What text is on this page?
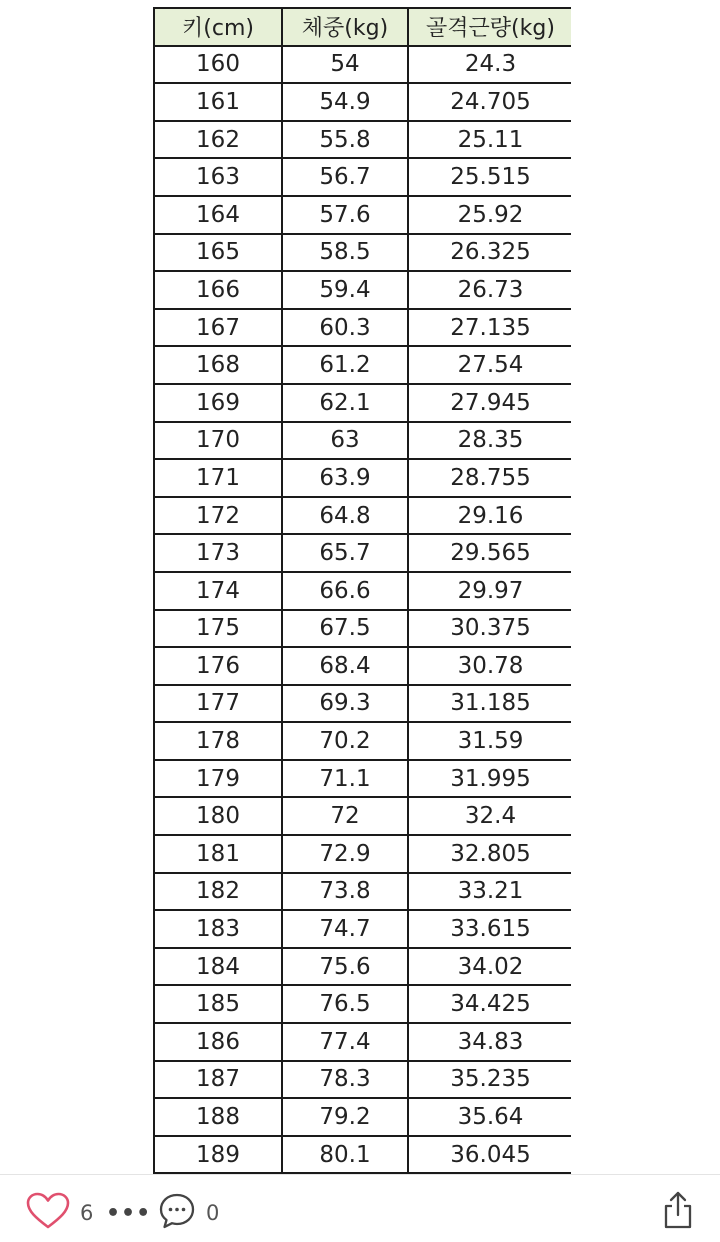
키(cm)	체중(kg)	골격근량(kg)
160	54	24.3
161	54.9	24.705
162	55.8	25.11
163	56.7	25.515
164	57.6	25.92
165	58.5	26.325
166	59.4	26.73
167	60.3	27.135
168	61.2	27.54
169	62.1	27.945
170	63	28.35
171	63.9	28.755
172	64.8	29.16
173	65.7	29.565
174	66.6	29.97
175	67.5	30.375
176	68.4	30.78
177	69.3	31.185
178	70.2	31.59
179	71.1	31.995
180	72	32.4
181	72.9	32.805
182	73.8	33.21
183	74.7	33.615
184	75.6	34.02
185	76.5	34.425
186	77.4	34.83
187	78.3	35.235
188	79.2	35.64
189	80.1	36.045
6 •••	0
